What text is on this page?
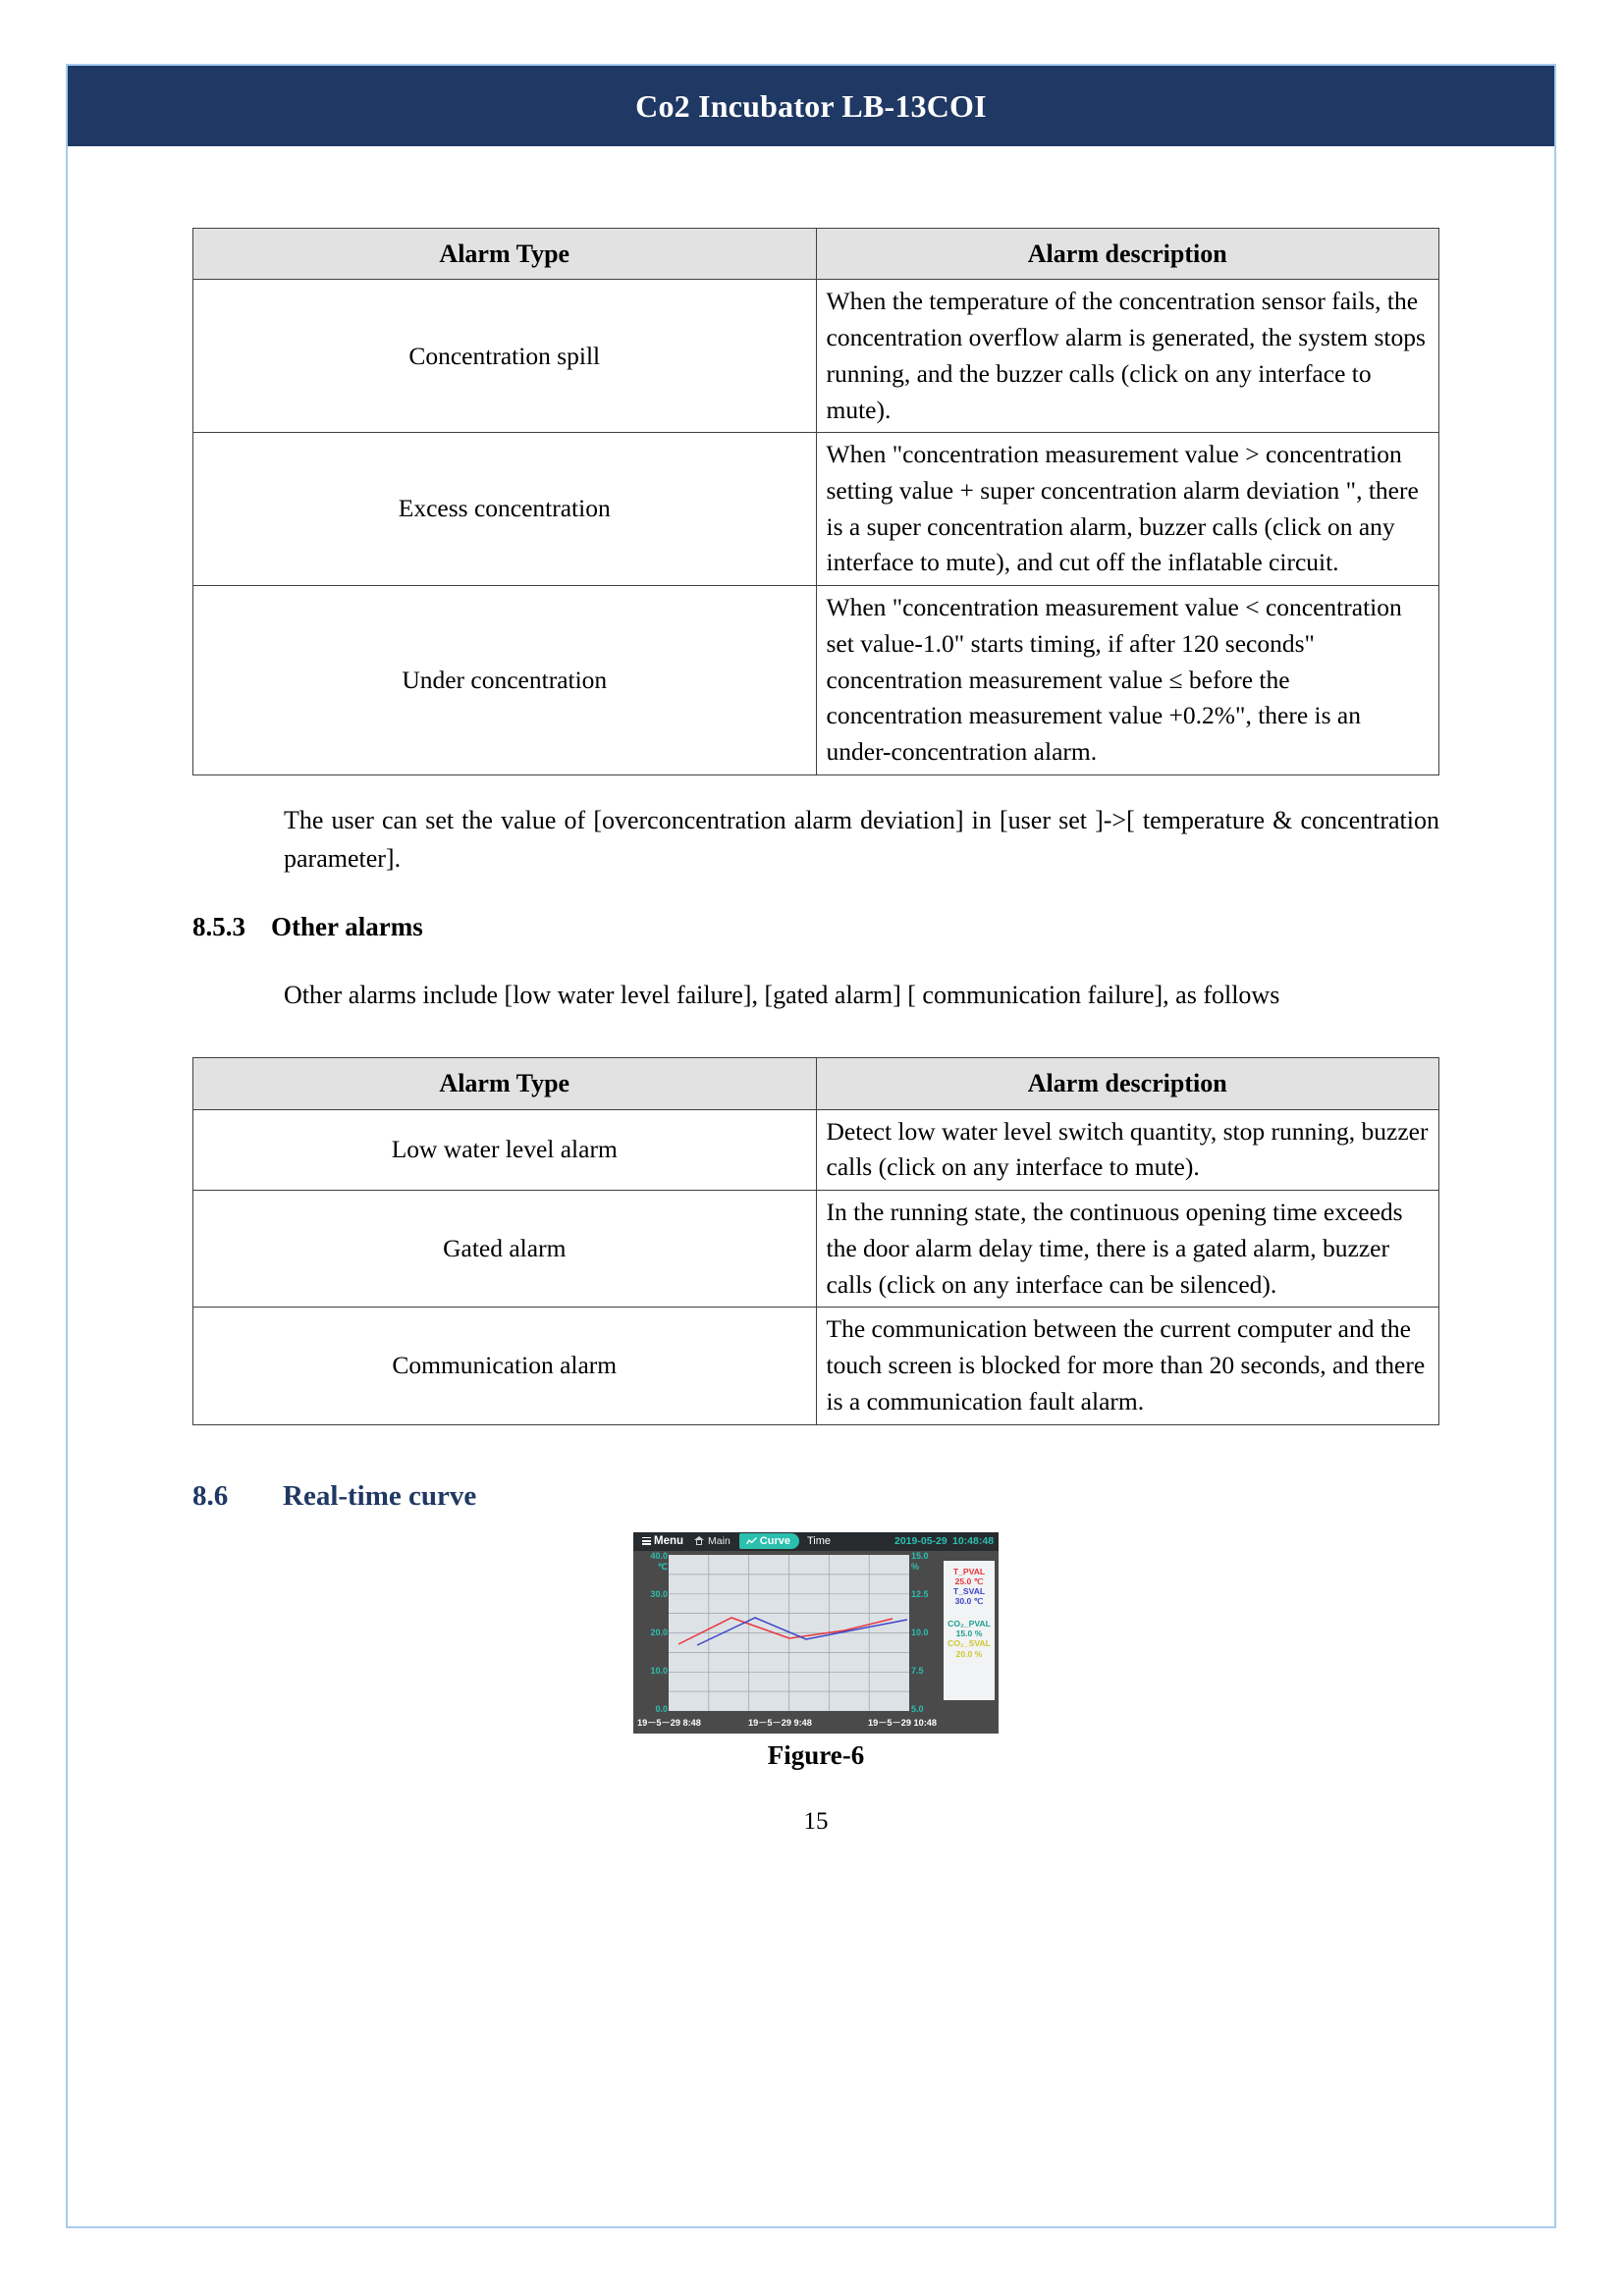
Co2 Incubator LB-13COI
Alarm Type	Alarm description
Concentration spill	When the temperature of the concentration sensor fails, the concentration overflow alarm is generated, the system stops running, and the buzzer calls (click on any interface to mute).
Excess concentration	When "concentration measurement value > concentration setting value + super concentration alarm deviation ", there is a super concentration alarm, buzzer calls (click on any interface to mute), and cut off the inflatable circuit.
Under concentration	When "concentration measurement value < concentration set value-1.0" starts timing, if after 120 seconds" concentration measurement value ≤ before the concentration measurement value +0.2%", there is an under-concentration alarm.

The user can set the value of [overconcentration alarm deviation] in [user set ]->[ temperature & concentration parameter].

8.5.3 Other alarms

Other alarms include [low water level failure], [gated alarm] [ communication failure], as follows

Alarm Type	Alarm description
Low water level alarm	Detect low water level switch quantity, stop running, buzzer calls (click on any interface to mute).
Gated alarm	In the running state, the continuous opening time exceeds the door alarm delay time, there is a gated alarm, buzzer calls (click on any interface can be silenced).
Communication alarm	The communication between the current computer and the touch screen is blocked for more than 20 seconds, and there is a communication fault alarm.
8.6	Real-time curve
Menu Main	Curve Time	2019-05-29 10:48:48
40.0
℃
30.0
20.0
10.0
0.0
15.0
%
12.5
10.0
7.5
5.0
T_PVAL
25.0 ℃
T_SVAL
30.0 ℃
CO₂_PVAL
15.0 %
CO₂_SVAL
20.0 %
19－5－29 8:48	19－5－29 9:48	19－5－29 10:48
Figure-6
15
